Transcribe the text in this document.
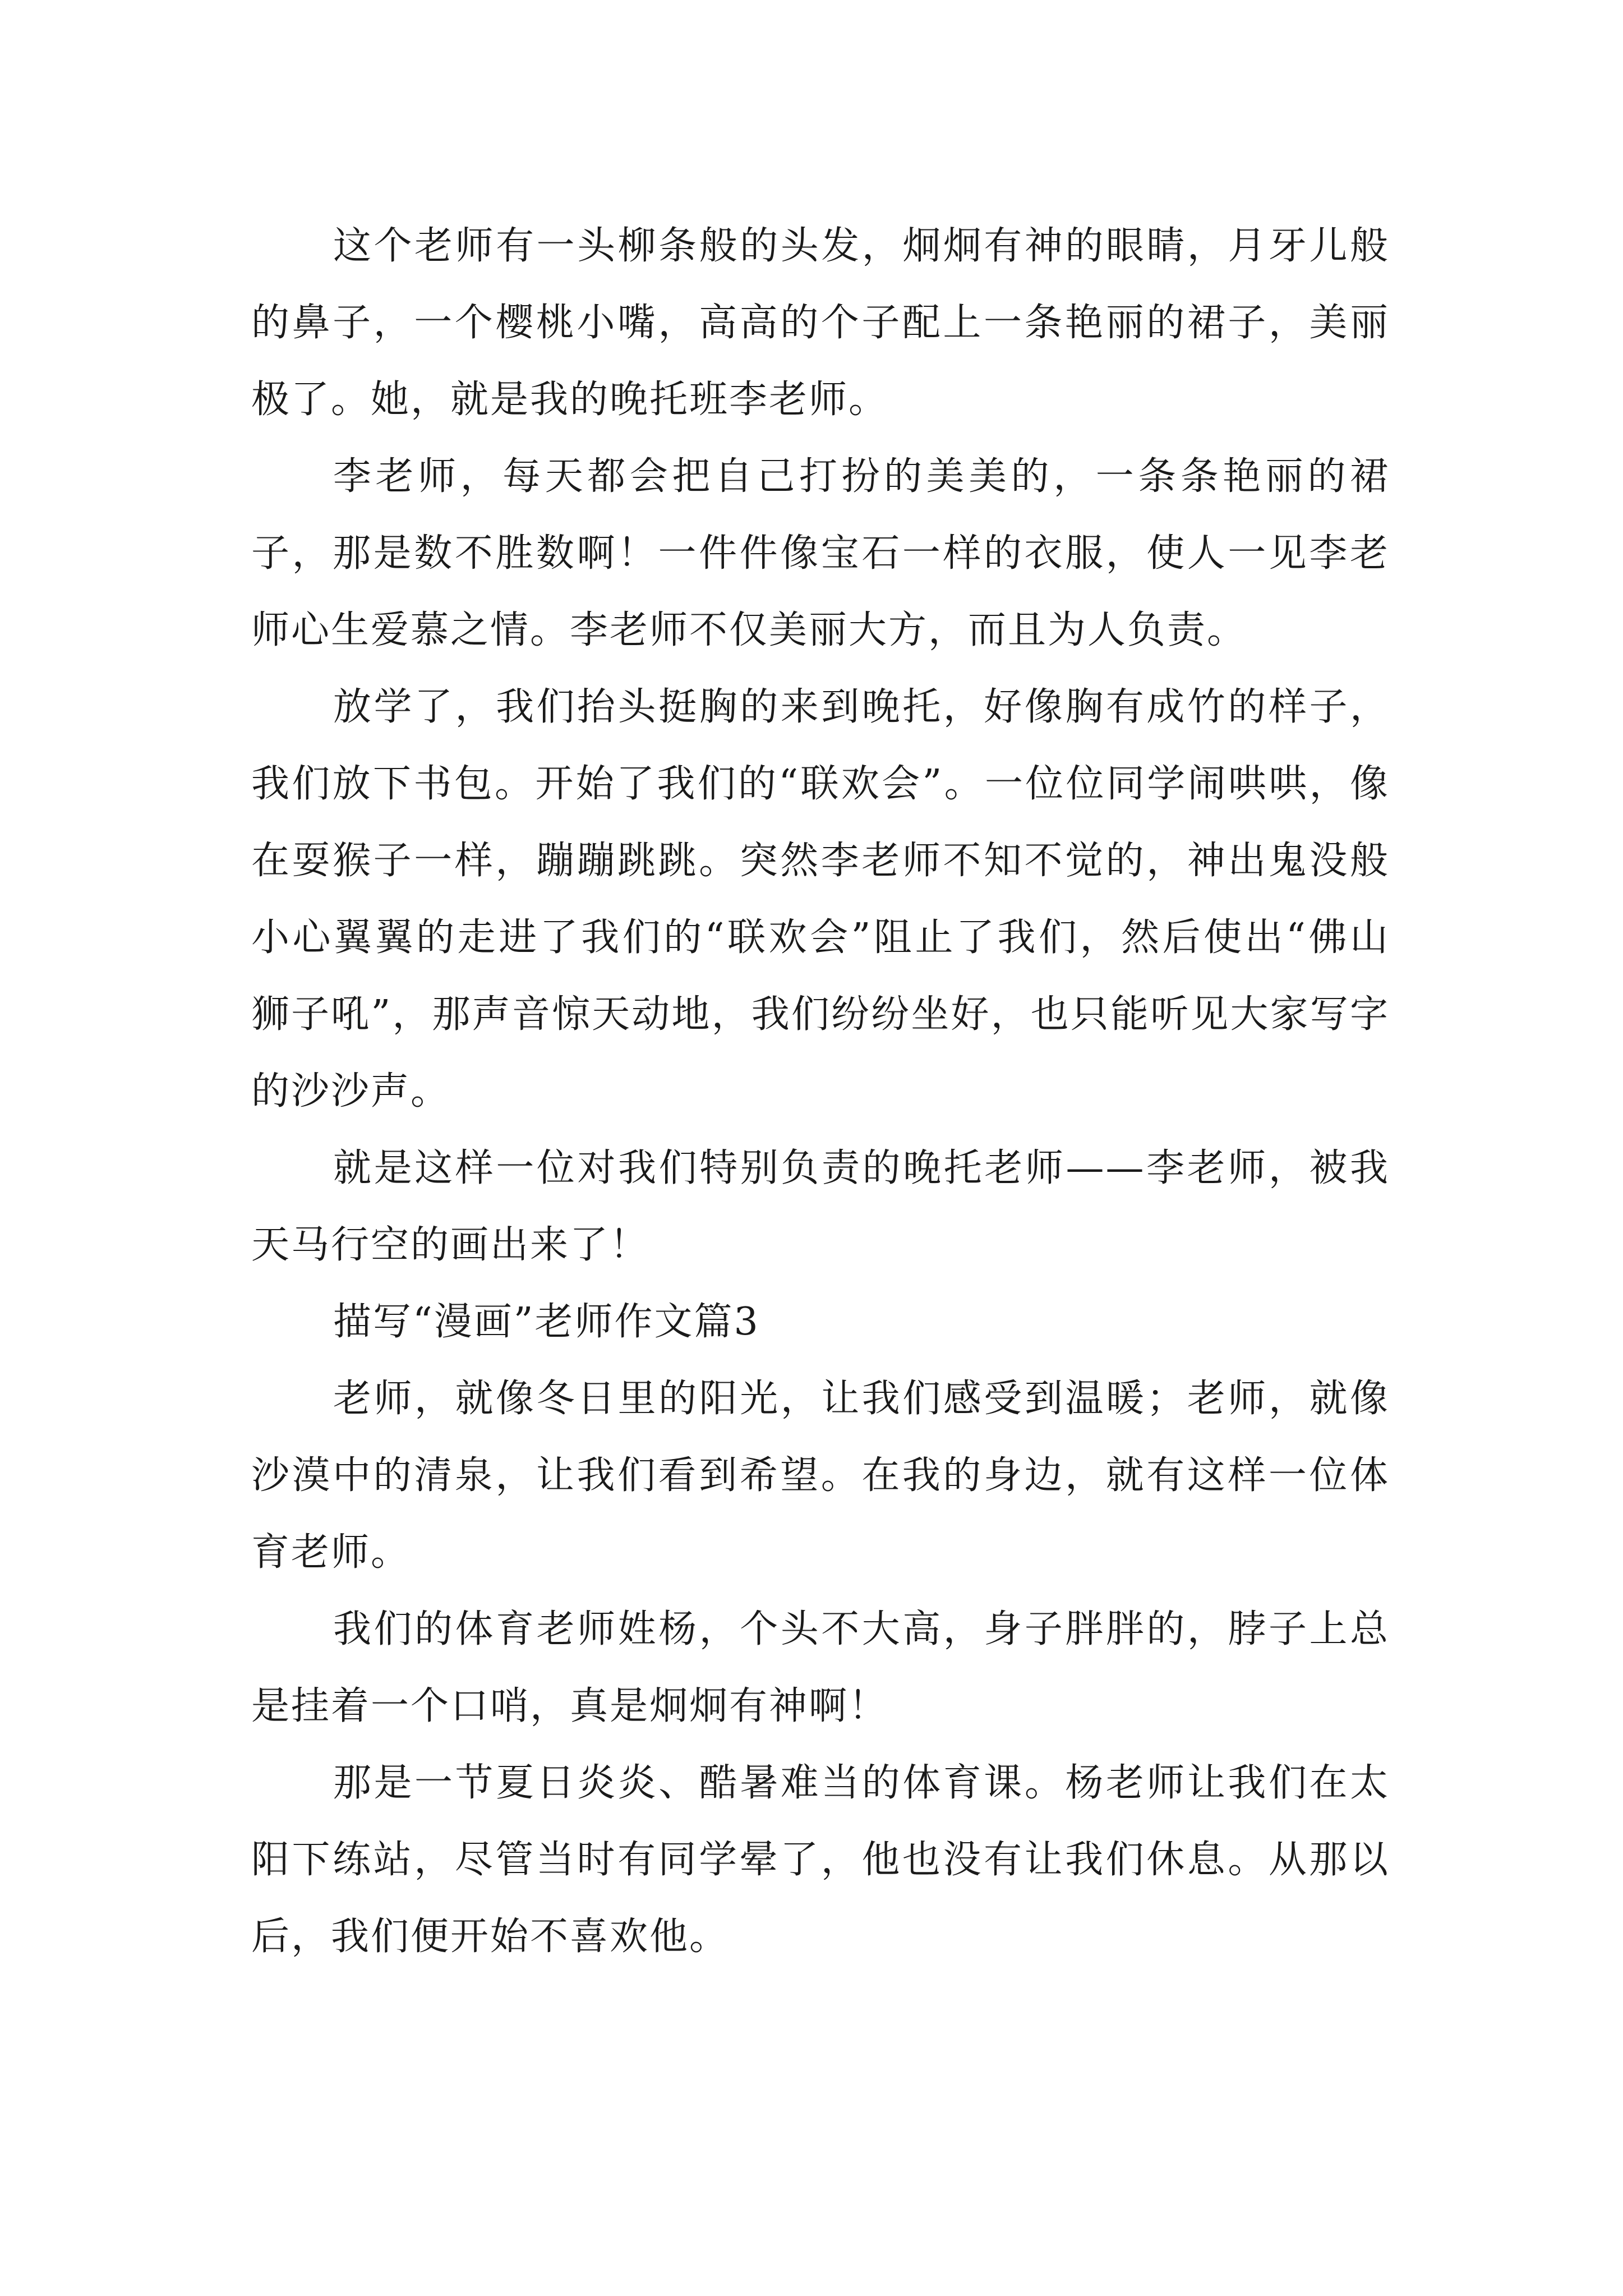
这个老师有一头柳条般的头发，炯炯有神的眼睛，月牙儿般的鼻子，一个樱桃小嘴，高高的个子配上一条艳丽的裙子，美丽极了。她，就是我的晚托班李老师。

李老师，每天都会把自己打扮的美美的，一条条艳丽的裙子，那是数不胜数啊！一件件像宝石一样的衣服，使人一见李老师心生爱慕之情。李老师不仅美丽大方，而且为人负责。

放学了，我们抬头挺胸的来到晚托，好像胸有成竹的样子，我们放下书包。开始了我们的“联欢会”。一位位同学闹哄哄，像在耍猴子一样，蹦蹦跳跳。突然李老师不知不觉的，神出鬼没般小心翼翼的走进了我们的“联欢会”阻止了我们，然后使出“佛山狮子吼”，那声音惊天动地，我们纷纷坐好，也只能听见大家写字的沙沙声。

就是这样一位对我们特别负责的晚托老师——李老师，被我天马行空的画出来了！

描写“漫画”老师作文篇3

老师，就像冬日里的阳光，让我们感受到温暖；老师，就像沙漠中的清泉，让我们看到希望。在我的身边，就有这样一位体育老师。

我们的体育老师姓杨，个头不大高，身子胖胖的，脖子上总是挂着一个口哨，真是炯炯有神啊！

那是一节夏日炎炎、酷暑难当的体育课。杨老师让我们在太阳下练站，尽管当时有同学晕了，他也没有让我们休息。从那以后，我们便开始不喜欢他。
